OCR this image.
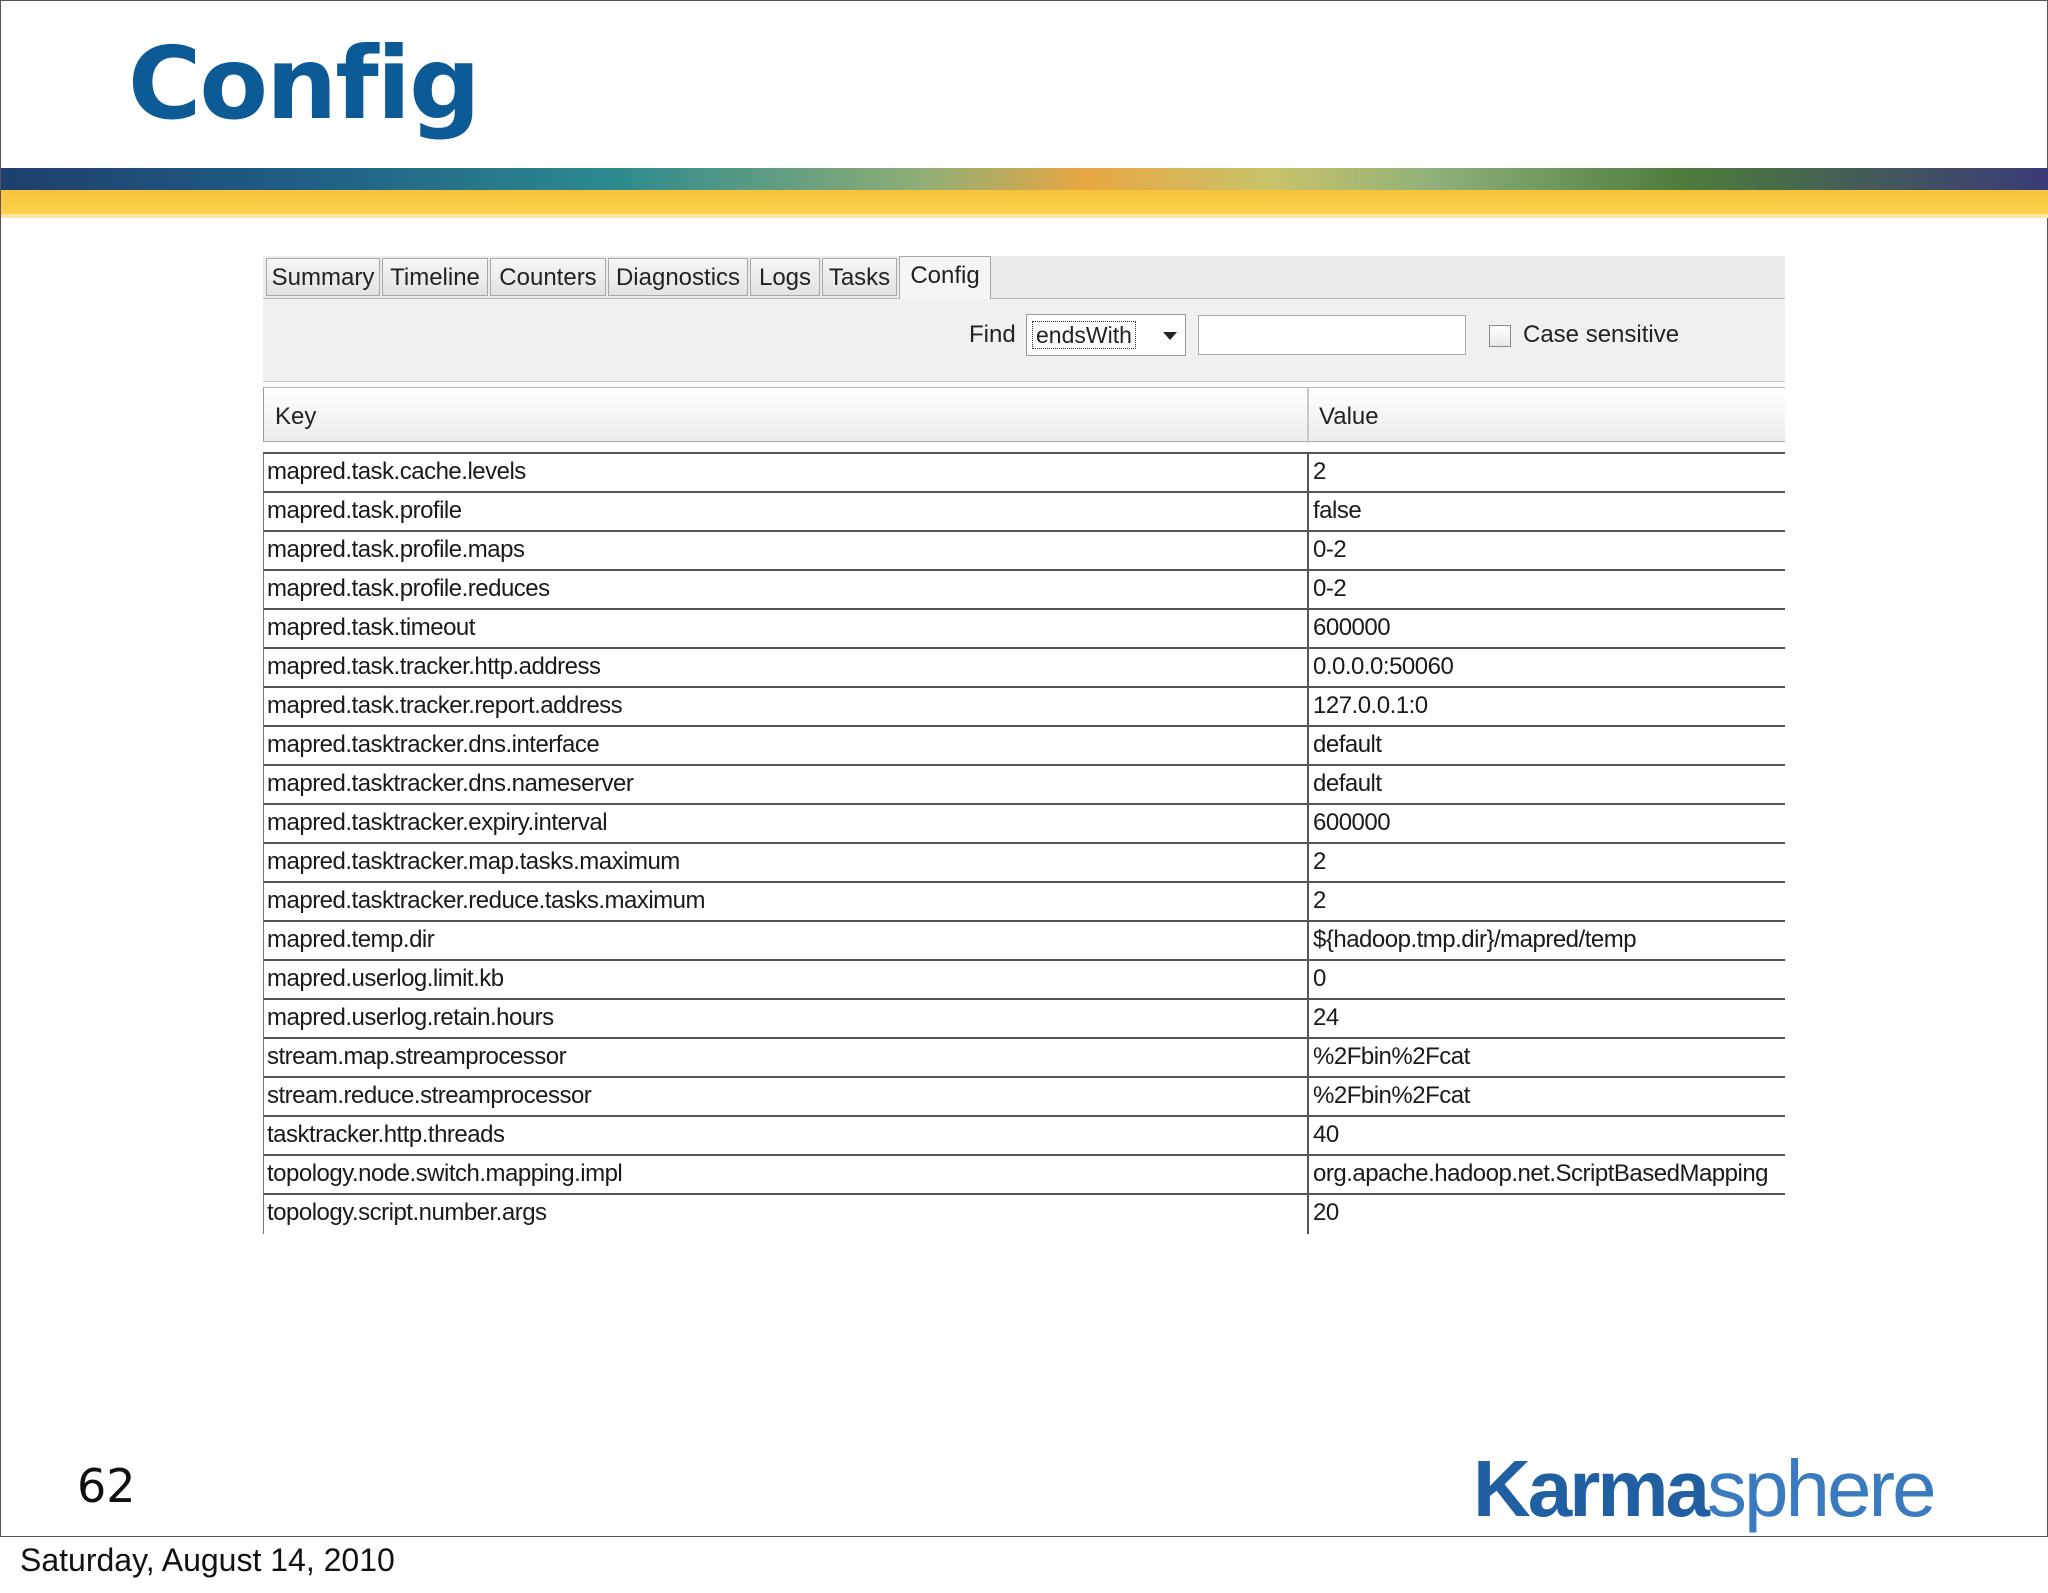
Config
Summary Timeline Counters Diagnostics Logs Tasks Config
Find endsWith	Case sensitive
Key	Value
mapred.task.cache.levels	2
mapred.task.profile	false
mapred.task.profile.maps	0-2
mapred.task.profile.reduces	0-2
mapred.task.timeout	600000
mapred.task.tracker.http.address	0.0.0.0:50060
mapred.task.tracker.report.address	127.0.0.1:0
mapred.tasktracker.dns.interface	default
mapred.tasktracker.dns.nameserver	default
mapred.tasktracker.expiry.interval	600000
mapred.tasktracker.map.tasks.maximum	2
mapred.tasktracker.reduce.tasks.maximum	2
mapred.temp.dir	${hadoop.tmp.dir}/mapred/temp
mapred.userlog.limit.kb	0
mapred.userlog.retain.hours	24
stream.map.streamprocessor	%2Fbin%2Fcat
stream.reduce.streamprocessor	%2Fbin%2Fcat
tasktracker.http.threads	40
topology.node.switch.mapping.impl	org.apache.hadoop.net.ScriptBasedMapping
topology.script.number.args	20
62	Karmasphere
Saturday, August 14, 2010
